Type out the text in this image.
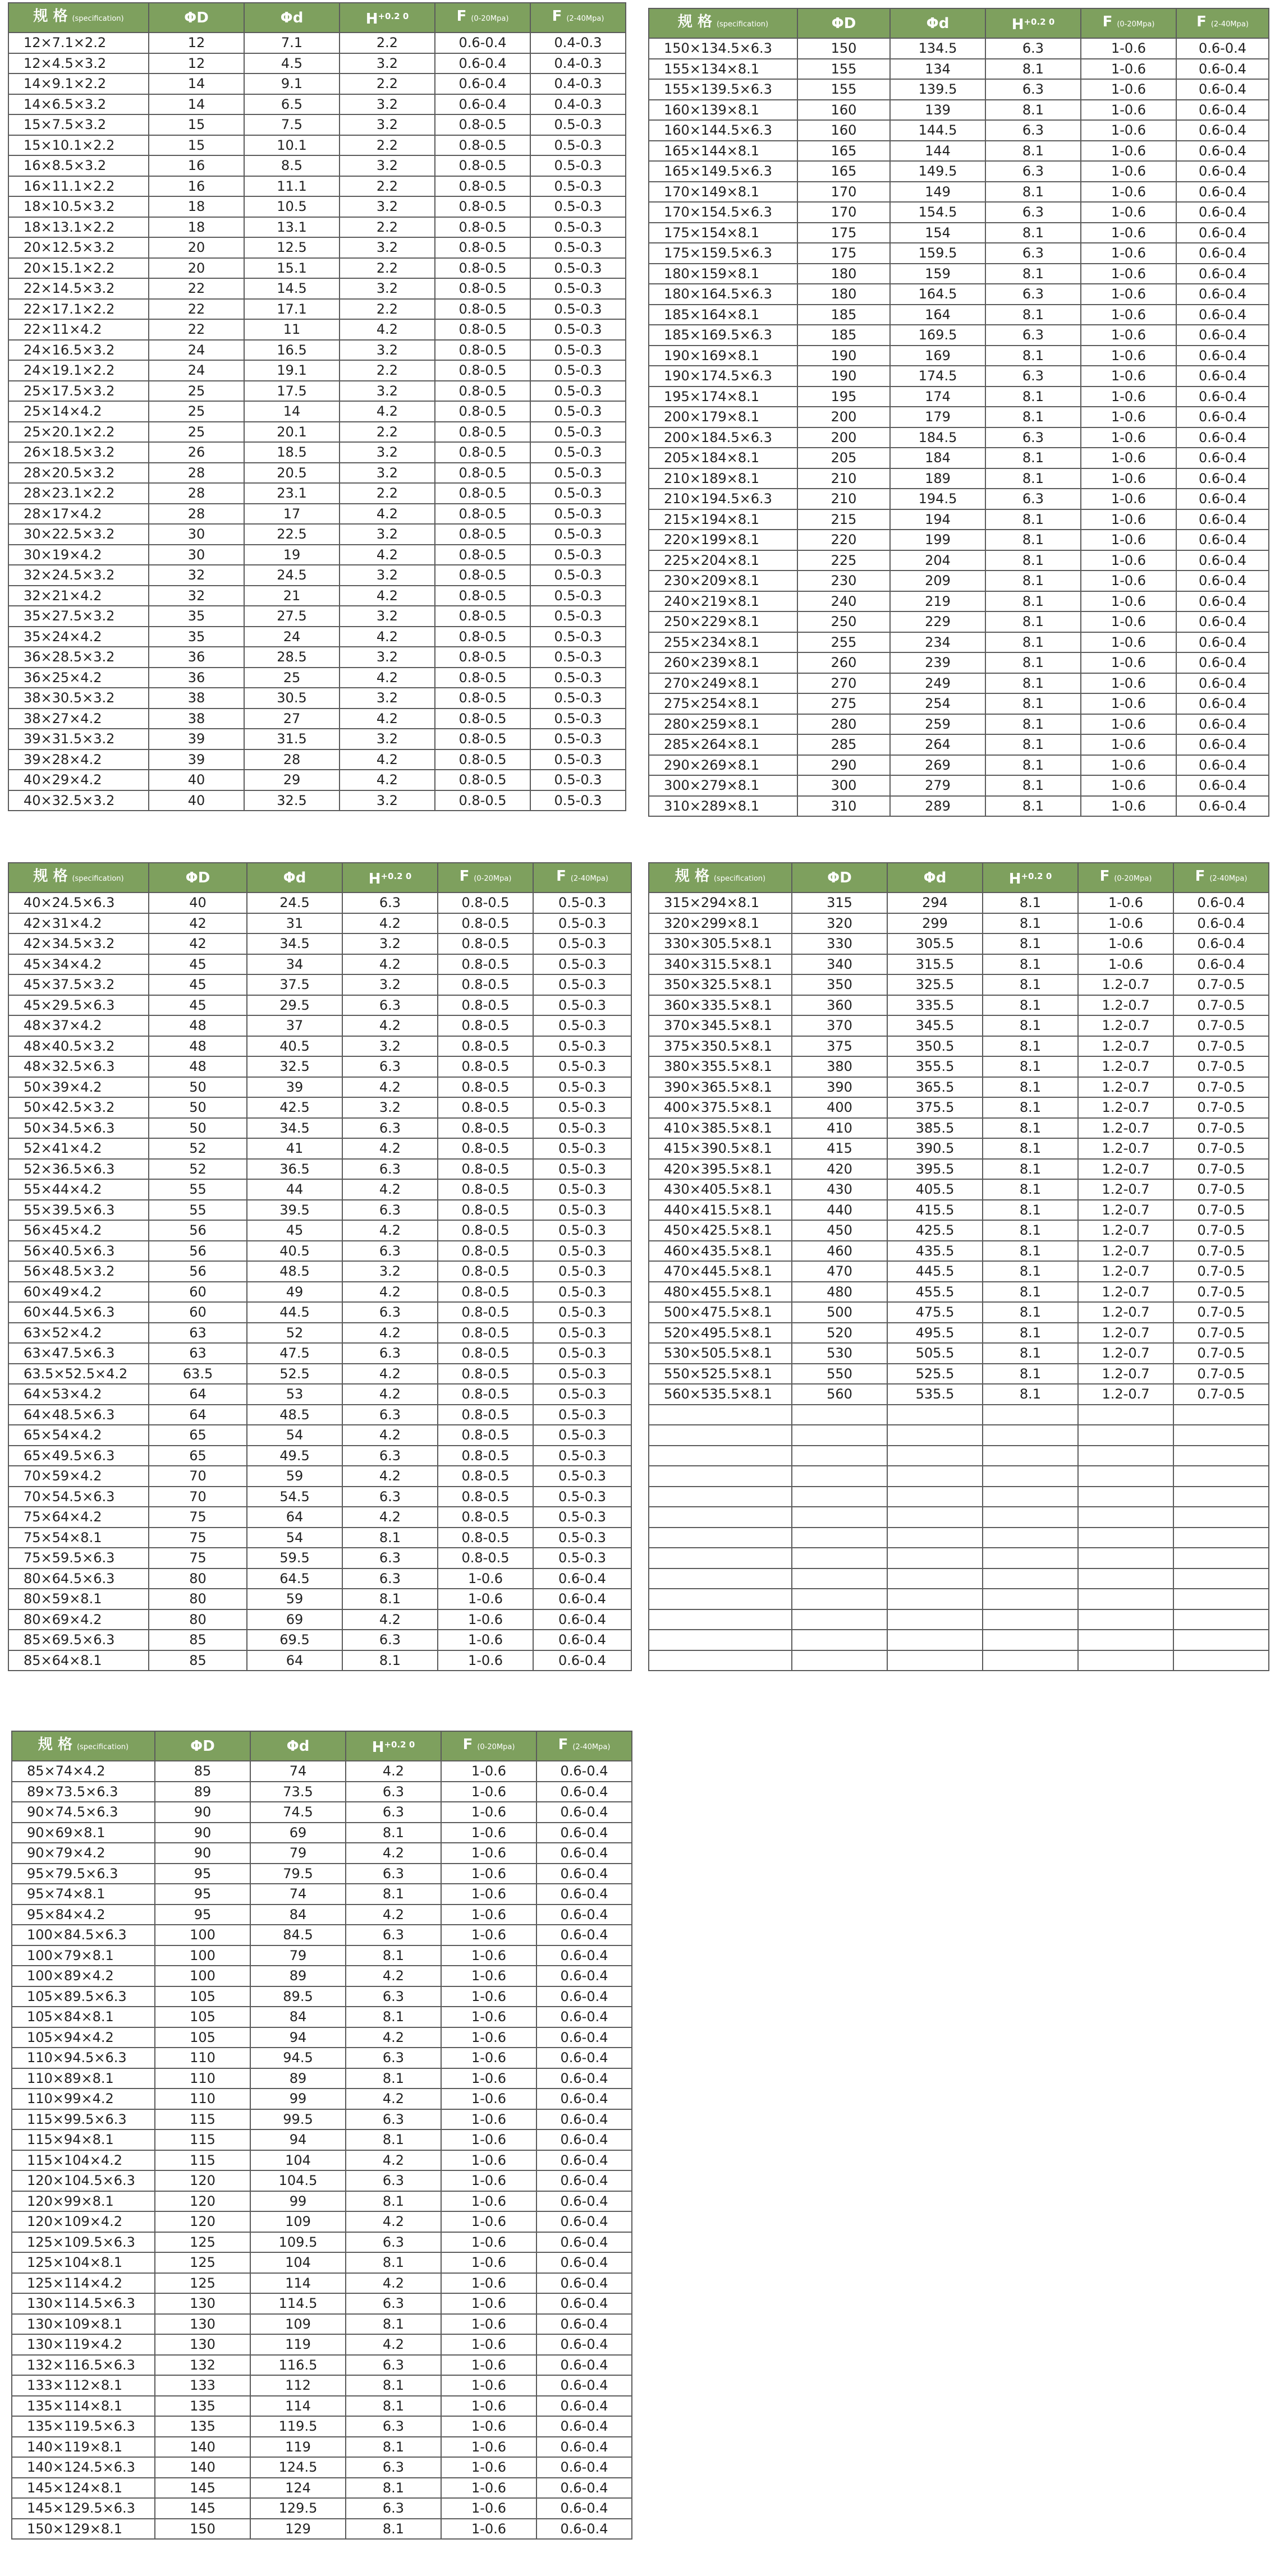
规 格 (specification)	ΦD	Φd	$H^{+0.2 0}$	F (0-20Mpa)	F (2-40Mpa)
12×7.1×2.2	12	7.1	2.2	0.6-0.4	0.4-0.3
12×4.5×3.2	12	4.5	3.2	0.6-0.4	0.4-0.3
14×9.1×2.2	14	9.1	2.2	0.6-0.4	0.4-0.3
14×6.5×3.2	14	6.5	3.2	0.6-0.4	0.4-0.3
15×7.5×3.2	15	7.5	3.2	0.8-0.5	0.5-0.3
15×10.1×2.2	15	10.1	2.2	0.8-0.5	0.5-0.3
16×8.5×3.2	16	8.5	3.2	0.8-0.5	0.5-0.3
16×11.1×2.2	16	11.1	2.2	0.8-0.5	0.5-0.3
18×10.5×3.2	18	10.5	3.2	0.8-0.5	0.5-0.3
18×13.1×2.2	18	13.1	2.2	0.8-0.5	0.5-0.3
20×12.5×3.2	20	12.5	3.2	0.8-0.5	0.5-0.3
20×15.1×2.2	20	15.1	2.2	0.8-0.5	0.5-0.3
22×14.5×3.2	22	14.5	3.2	0.8-0.5	0.5-0.3
22×17.1×2.2	22	17.1	2.2	0.8-0.5	0.5-0.3
22×11×4.2	22	11	4.2	0.8-0.5	0.5-0.3
24×16.5×3.2	24	16.5	3.2	0.8-0.5	0.5-0.3
24×19.1×2.2	24	19.1	2.2	0.8-0.5	0.5-0.3
25×17.5×3.2	25	17.5	3.2	0.8-0.5	0.5-0.3
25×14×4.2	25	14	4.2	0.8-0.5	0.5-0.3
25×20.1×2.2	25	20.1	2.2	0.8-0.5	0.5-0.3
26×18.5×3.2	26	18.5	3.2	0.8-0.5	0.5-0.3
28×20.5×3.2	28	20.5	3.2	0.8-0.5	0.5-0.3
28×23.1×2.2	28	23.1	2.2	0.8-0.5	0.5-0.3
28×17×4.2	28	17	4.2	0.8-0.5	0.5-0.3
30×22.5×3.2	30	22.5	3.2	0.8-0.5	0.5-0.3
30×19×4.2	30	19	4.2	0.8-0.5	0.5-0.3
32×24.5×3.2	32	24.5	3.2	0.8-0.5	0.5-0.3
32×21×4.2	32	21	4.2	0.8-0.5	0.5-0.3
35×27.5×3.2	35	27.5	3.2	0.8-0.5	0.5-0.3
35×24×4.2	35	24	4.2	0.8-0.5	0.5-0.3
36×28.5×3.2	36	28.5	3.2	0.8-0.5	0.5-0.3
36×25×4.2	36	25	4.2	0.8-0.5	0.5-0.3
38×30.5×3.2	38	30.5	3.2	0.8-0.5	0.5-0.3
38×27×4.2	38	27	4.2	0.8-0.5	0.5-0.3
39×31.5×3.2	39	31.5	3.2	0.8-0.5	0.5-0.3
39×28×4.2	39	28	4.2	0.8-0.5	0.5-0.3
40×29×4.2	40	29	4.2	0.8-0.5	0.5-0.3
40×32.5×3.2	40	32.5	3.2	0.8-0.5	0.5-0.3
规 格 (specification)	ΦD	Φd	$H^{+0.2 0}$	F (0-20Mpa)	F (2-40Mpa)
150×134.5×6.3	150	134.5	6.3	1-0.6	0.6-0.4
155×134×8.1	155	134	8.1	1-0.6	0.6-0.4
155×139.5×6.3	155	139.5	6.3	1-0.6	0.6-0.4
160×139×8.1	160	139	8.1	1-0.6	0.6-0.4
160×144.5×6.3	160	144.5	6.3	1-0.6	0.6-0.4
165×144×8.1	165	144	8.1	1-0.6	0.6-0.4
165×149.5×6.3	165	149.5	6.3	1-0.6	0.6-0.4
170×149×8.1	170	149	8.1	1-0.6	0.6-0.4
170×154.5×6.3	170	154.5	6.3	1-0.6	0.6-0.4
175×154×8.1	175	154	8.1	1-0.6	0.6-0.4
175×159.5×6.3	175	159.5	6.3	1-0.6	0.6-0.4
180×159×8.1	180	159	8.1	1-0.6	0.6-0.4
180×164.5×6.3	180	164.5	6.3	1-0.6	0.6-0.4
185×164×8.1	185	164	8.1	1-0.6	0.6-0.4
185×169.5×6.3	185	169.5	6.3	1-0.6	0.6-0.4
190×169×8.1	190	169	8.1	1-0.6	0.6-0.4
190×174.5×6.3	190	174.5	6.3	1-0.6	0.6-0.4
195×174×8.1	195	174	8.1	1-0.6	0.6-0.4
200×179×8.1	200	179	8.1	1-0.6	0.6-0.4
200×184.5×6.3	200	184.5	6.3	1-0.6	0.6-0.4
205×184×8.1	205	184	8.1	1-0.6	0.6-0.4
210×189×8.1	210	189	8.1	1-0.6	0.6-0.4
210×194.5×6.3	210	194.5	6.3	1-0.6	0.6-0.4
215×194×8.1	215	194	8.1	1-0.6	0.6-0.4
220×199×8.1	220	199	8.1	1-0.6	0.6-0.4
225×204×8.1	225	204	8.1	1-0.6	0.6-0.4
230×209×8.1	230	209	8.1	1-0.6	0.6-0.4
240×219×8.1	240	219	8.1	1-0.6	0.6-0.4
250×229×8.1	250	229	8.1	1-0.6	0.6-0.4
255×234×8.1	255	234	8.1	1-0.6	0.6-0.4
260×239×8.1	260	239	8.1	1-0.6	0.6-0.4
270×249×8.1	270	249	8.1	1-0.6	0.6-0.4
275×254×8.1	275	254	8.1	1-0.6	0.6-0.4
280×259×8.1	280	259	8.1	1-0.6	0.6-0.4
285×264×8.1	285	264	8.1	1-0.6	0.6-0.4
290×269×8.1	290	269	8.1	1-0.6	0.6-0.4
300×279×8.1	300	279	8.1	1-0.6	0.6-0.4
310×289×8.1	310	289	8.1	1-0.6	0.6-0.4
规 格 (specification)	ΦD	Φd	$H^{+0.2 0}$	F (0-20Mpa)	F (2-40Mpa)
40×24.5×6.3	40	24.5	6.3	0.8-0.5	0.5-0.3
42×31×4.2	42	31	4.2	0.8-0.5	0.5-0.3
42×34.5×3.2	42	34.5	3.2	0.8-0.5	0.5-0.3
45×34×4.2	45	34	4.2	0.8-0.5	0.5-0.3
45×37.5×3.2	45	37.5	3.2	0.8-0.5	0.5-0.3
45×29.5×6.3	45	29.5	6.3	0.8-0.5	0.5-0.3
48×37×4.2	48	37	4.2	0.8-0.5	0.5-0.3
48×40.5×3.2	48	40.5	3.2	0.8-0.5	0.5-0.3
48×32.5×6.3	48	32.5	6.3	0.8-0.5	0.5-0.3
50×39×4.2	50	39	4.2	0.8-0.5	0.5-0.3
50×42.5×3.2	50	42.5	3.2	0.8-0.5	0.5-0.3
50×34.5×6.3	50	34.5	6.3	0.8-0.5	0.5-0.3
52×41×4.2	52	41	4.2	0.8-0.5	0.5-0.3
52×36.5×6.3	52	36.5	6.3	0.8-0.5	0.5-0.3
55×44×4.2	55	44	4.2	0.8-0.5	0.5-0.3
55×39.5×6.3	55	39.5	6.3	0.8-0.5	0.5-0.3
56×45×4.2	56	45	4.2	0.8-0.5	0.5-0.3
56×40.5×6.3	56	40.5	6.3	0.8-0.5	0.5-0.3
56×48.5×3.2	56	48.5	3.2	0.8-0.5	0.5-0.3
60×49×4.2	60	49	4.2	0.8-0.5	0.5-0.3
60×44.5×6.3	60	44.5	6.3	0.8-0.5	0.5-0.3
63×52×4.2	63	52	4.2	0.8-0.5	0.5-0.3
63×47.5×6.3	63	47.5	6.3	0.8-0.5	0.5-0.3
63.5×52.5×4.2	63.5	52.5	4.2	0.8-0.5	0.5-0.3
64×53×4.2	64	53	4.2	0.8-0.5	0.5-0.3
64×48.5×6.3	64	48.5	6.3	0.8-0.5	0.5-0.3
65×54×4.2	65	54	4.2	0.8-0.5	0.5-0.3
65×49.5×6.3	65	49.5	6.3	0.8-0.5	0.5-0.3
70×59×4.2	70	59	4.2	0.8-0.5	0.5-0.3
70×54.5×6.3	70	54.5	6.3	0.8-0.5	0.5-0.3
75×64×4.2	75	64	4.2	0.8-0.5	0.5-0.3
75×54×8.1	75	54	8.1	0.8-0.5	0.5-0.3
75×59.5×6.3	75	59.5	6.3	0.8-0.5	0.5-0.3
80×64.5×6.3	80	64.5	6.3	1-0.6	0.6-0.4
80×59×8.1	80	59	8.1	1-0.6	0.6-0.4
80×69×4.2	80	69	4.2	1-0.6	0.6-0.4
85×69.5×6.3	85	69.5	6.3	1-0.6	0.6-0.4
85×64×8.1	85	64	8.1	1-0.6	0.6-0.4
规 格 (specification)	ΦD	Φd	$H^{+0.2 0}$	F (0-20Mpa)	F (2-40Mpa)
315×294×8.1	315	294	8.1	1-0.6	0.6-0.4
320×299×8.1	320	299	8.1	1-0.6	0.6-0.4
330×305.5×8.1	330	305.5	8.1	1-0.6	0.6-0.4
340×315.5×8.1	340	315.5	8.1	1-0.6	0.6-0.4
350×325.5×8.1	350	325.5	8.1	1.2-0.7	0.7-0.5
360×335.5×8.1	360	335.5	8.1	1.2-0.7	0.7-0.5
370×345.5×8.1	370	345.5	8.1	1.2-0.7	0.7-0.5
375×350.5×8.1	375	350.5	8.1	1.2-0.7	0.7-0.5
380×355.5×8.1	380	355.5	8.1	1.2-0.7	0.7-0.5
390×365.5×8.1	390	365.5	8.1	1.2-0.7	0.7-0.5
400×375.5×8.1	400	375.5	8.1	1.2-0.7	0.7-0.5
410×385.5×8.1	410	385.5	8.1	1.2-0.7	0.7-0.5
415×390.5×8.1	415	390.5	8.1	1.2-0.7	0.7-0.5
420×395.5×8.1	420	395.5	8.1	1.2-0.7	0.7-0.5
430×405.5×8.1	430	405.5	8.1	1.2-0.7	0.7-0.5
440×415.5×8.1	440	415.5	8.1	1.2-0.7	0.7-0.5
450×425.5×8.1	450	425.5	8.1	1.2-0.7	0.7-0.5
460×435.5×8.1	460	435.5	8.1	1.2-0.7	0.7-0.5
470×445.5×8.1	470	445.5	8.1	1.2-0.7	0.7-0.5
480×455.5×8.1	480	455.5	8.1	1.2-0.7	0.7-0.5
500×475.5×8.1	500	475.5	8.1	1.2-0.7	0.7-0.5
520×495.5×8.1	520	495.5	8.1	1.2-0.7	0.7-0.5
530×505.5×8.1	530	505.5	8.1	1.2-0.7	0.7-0.5
550×525.5×8.1	550	525.5	8.1	1.2-0.7	0.7-0.5
560×535.5×8.1	560	535.5	8.1	1.2-0.7	0.7-0.5

规 格 (specification)	ΦD	Φd	$H^{+0.2 0}$	F (0-20Mpa)	F (2-40Mpa)
85×74×4.2	85	74	4.2	1-0.6	0.6-0.4
89×73.5×6.3	89	73.5	6.3	1-0.6	0.6-0.4
90×74.5×6.3	90	74.5	6.3	1-0.6	0.6-0.4
90×69×8.1	90	69	8.1	1-0.6	0.6-0.4
90×79×4.2	90	79	4.2	1-0.6	0.6-0.4
95×79.5×6.3	95	79.5	6.3	1-0.6	0.6-0.4
95×74×8.1	95	74	8.1	1-0.6	0.6-0.4
95×84×4.2	95	84	4.2	1-0.6	0.6-0.4
100×84.5×6.3	100	84.5	6.3	1-0.6	0.6-0.4
100×79×8.1	100	79	8.1	1-0.6	0.6-0.4
100×89×4.2	100	89	4.2	1-0.6	0.6-0.4
105×89.5×6.3	105	89.5	6.3	1-0.6	0.6-0.4
105×84×8.1	105	84	8.1	1-0.6	0.6-0.4
105×94×4.2	105	94	4.2	1-0.6	0.6-0.4
110×94.5×6.3	110	94.5	6.3	1-0.6	0.6-0.4
110×89×8.1	110	89	8.1	1-0.6	0.6-0.4
110×99×4.2	110	99	4.2	1-0.6	0.6-0.4
115×99.5×6.3	115	99.5	6.3	1-0.6	0.6-0.4
115×94×8.1	115	94	8.1	1-0.6	0.6-0.4
115×104×4.2	115	104	4.2	1-0.6	0.6-0.4
120×104.5×6.3	120	104.5	6.3	1-0.6	0.6-0.4
120×99×8.1	120	99	8.1	1-0.6	0.6-0.4
120×109×4.2	120	109	4.2	1-0.6	0.6-0.4
125×109.5×6.3	125	109.5	6.3	1-0.6	0.6-0.4
125×104×8.1	125	104	8.1	1-0.6	0.6-0.4
125×114×4.2	125	114	4.2	1-0.6	0.6-0.4
130×114.5×6.3	130	114.5	6.3	1-0.6	0.6-0.4
130×109×8.1	130	109	8.1	1-0.6	0.6-0.4
130×119×4.2	130	119	4.2	1-0.6	0.6-0.4
132×116.5×6.3	132	116.5	6.3	1-0.6	0.6-0.4
133×112×8.1	133	112	8.1	1-0.6	0.6-0.4
135×114×8.1	135	114	8.1	1-0.6	0.6-0.4
135×119.5×6.3	135	119.5	6.3	1-0.6	0.6-0.4
140×119×8.1	140	119	8.1	1-0.6	0.6-0.4
140×124.5×6.3	140	124.5	6.3	1-0.6	0.6-0.4
145×124×8.1	145	124	8.1	1-0.6	0.6-0.4
145×129.5×6.3	145	129.5	6.3	1-0.6	0.6-0.4
150×129×8.1	150	129	8.1	1-0.6	0.6-0.4
